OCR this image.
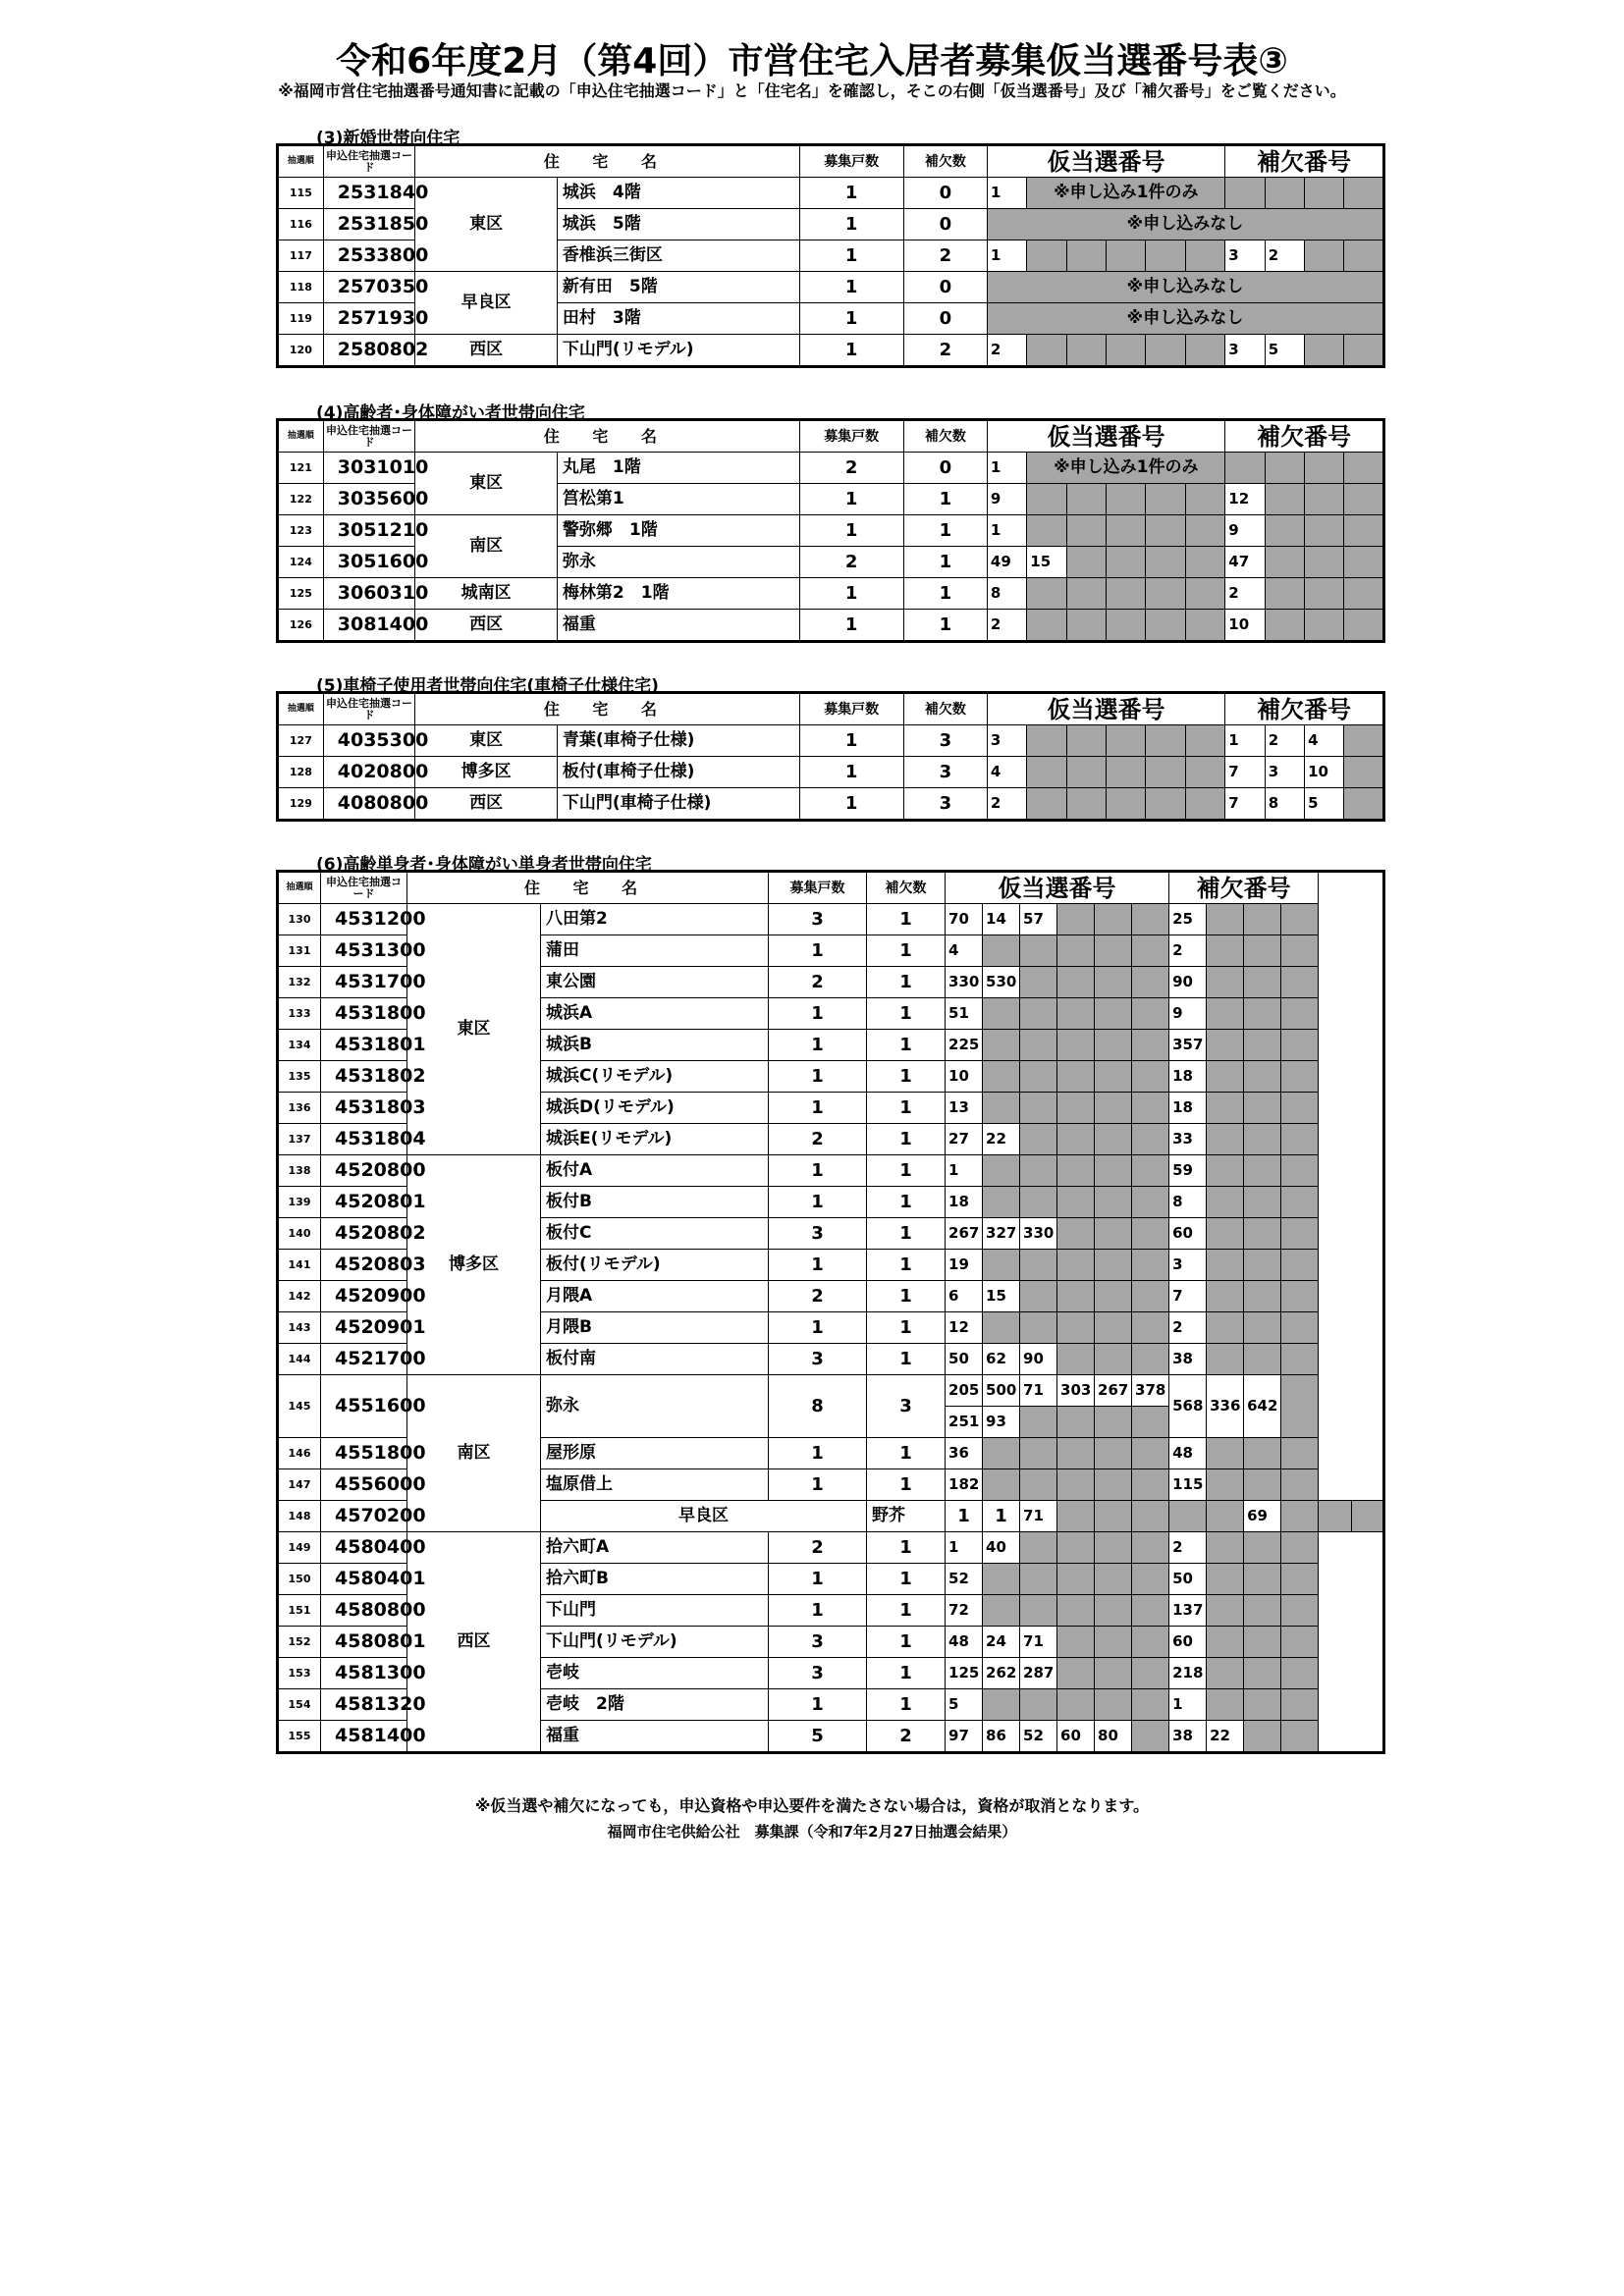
令和6年度2月（第4回）市営住宅入居者募集仮当選番号表③
※福岡市営住宅抽選番号通知書に記載の「申込住宅抽選コード」と「住宅名」を確認し，そこの右側「仮当選番号」及び「補欠番号」をご覧ください。
(3)新婚世帯向住宅
抽選順	申込住宅抽選コード	住 宅 名		募集戸数	補欠数	仮当選番号						補欠番号			
115	2531840	東区	城浜　4階	1	0	1	※申し込み1件のみ								
116	2531850		城浜　5階	1	0	※申し込みなし									
117	2533800		香椎浜三街区	1	2	1						3	2		
118	2570350	早良区	新有田　5階	1	0	※申し込みなし									
119	2571930		田村　3階	1	0	※申し込みなし									
120	2580802	西区	下山門(リモデル)	1	2	2						3	5		
(4)高齢者･身体障がい者世帯向住宅
抽選順	申込住宅抽選コード	住 宅 名		募集戸数	補欠数	仮当選番号						補欠番号			
121	3031010	東区	丸尾　1階	2	0	1	※申し込み1件のみ								
122	3035600		筥松第1	1	1	9						12			
123	3051210	南区	警弥郷　1階	1	1	1						9			
124	3051600		弥永	2	1	49	15					47			
125	3060310	城南区	梅林第2　1階	1	1	8						2			
126	3081400	西区	福重	1	1	2						10			
(5)車椅子使用者世帯向住宅(車椅子仕様住宅)
抽選順	申込住宅抽選コード	住 宅 名		募集戸数	補欠数	仮当選番号						補欠番号			
127	4035300	東区	青葉(車椅子仕様)	1	3	3						1	2	4	
128	4020800	博多区	板付(車椅子仕様)	1	3	4						7	3	10	
129	4080800	西区	下山門(車椅子仕様)	1	3	2						7	8	5	
(6)高齢単身者･身体障がい単身者世帯向住宅
抽選順	申込住宅抽選コード	住 宅 名		募集戸数	補欠数	仮当選番号						補欠番号					
130	4531200	東区	八田第2	3	1	70	14	57				25					
131	4531300		蒲田	1	1	4						2					
132	4531700		東公園	2	1	330	530					90					
133	4531800		城浜A	1	1	51						9					
134	4531801		城浜B	1	1	225						357					
135	4531802		城浜C(リモデル)	1	1	10						18					
136	4531803		城浜D(リモデル)	1	1	13						18					
137	4531804		城浜E(リモデル)	2	1	27	22					33					
138	4520800	博多区	板付A	1	1	1						59					
139	4520801		板付B	1	1	18						8					
140	4520802		板付C	3	1	267	327	330				60					
141	4520803		板付(リモデル)	1	1	19						3					
142	4520900		月隈A	2	1	6	15					7					
143	4520901		月隈B	1	1	12						2					
144	4521700		板付南	3	1	50	62	90				38					
145	4551600	南区	弥永	8	3	205	500	71	303	267	378	568	336	642			
						251	93										
146	4551800		屋形原	1	1	36						48					
147	4556000		塩原借上	1	1	182						115					
148	4570200		早良区		野芥	1	1	71						69			
149	4580400	西区	拾六町A	2	1	1	40					2					
150	4580401		拾六町B	1	1	52						50					
151	4580800		下山門	1	1	72						137					
152	4580801		下山門(リモデル)	3	1	48	24	71				60					
153	4581300		壱岐	3	1	125	262	287				218					
154	4581320		壱岐　2階	1	1	5						1					
155	4581400		福重	5	2	97	86	52	60	80		38	22				
※仮当選や補欠になっても，申込資格や申込要件を満たさない場合は，資格が取消となります。
福岡市住宅供給公社　募集課（令和7年2月27日抽選会結果）
